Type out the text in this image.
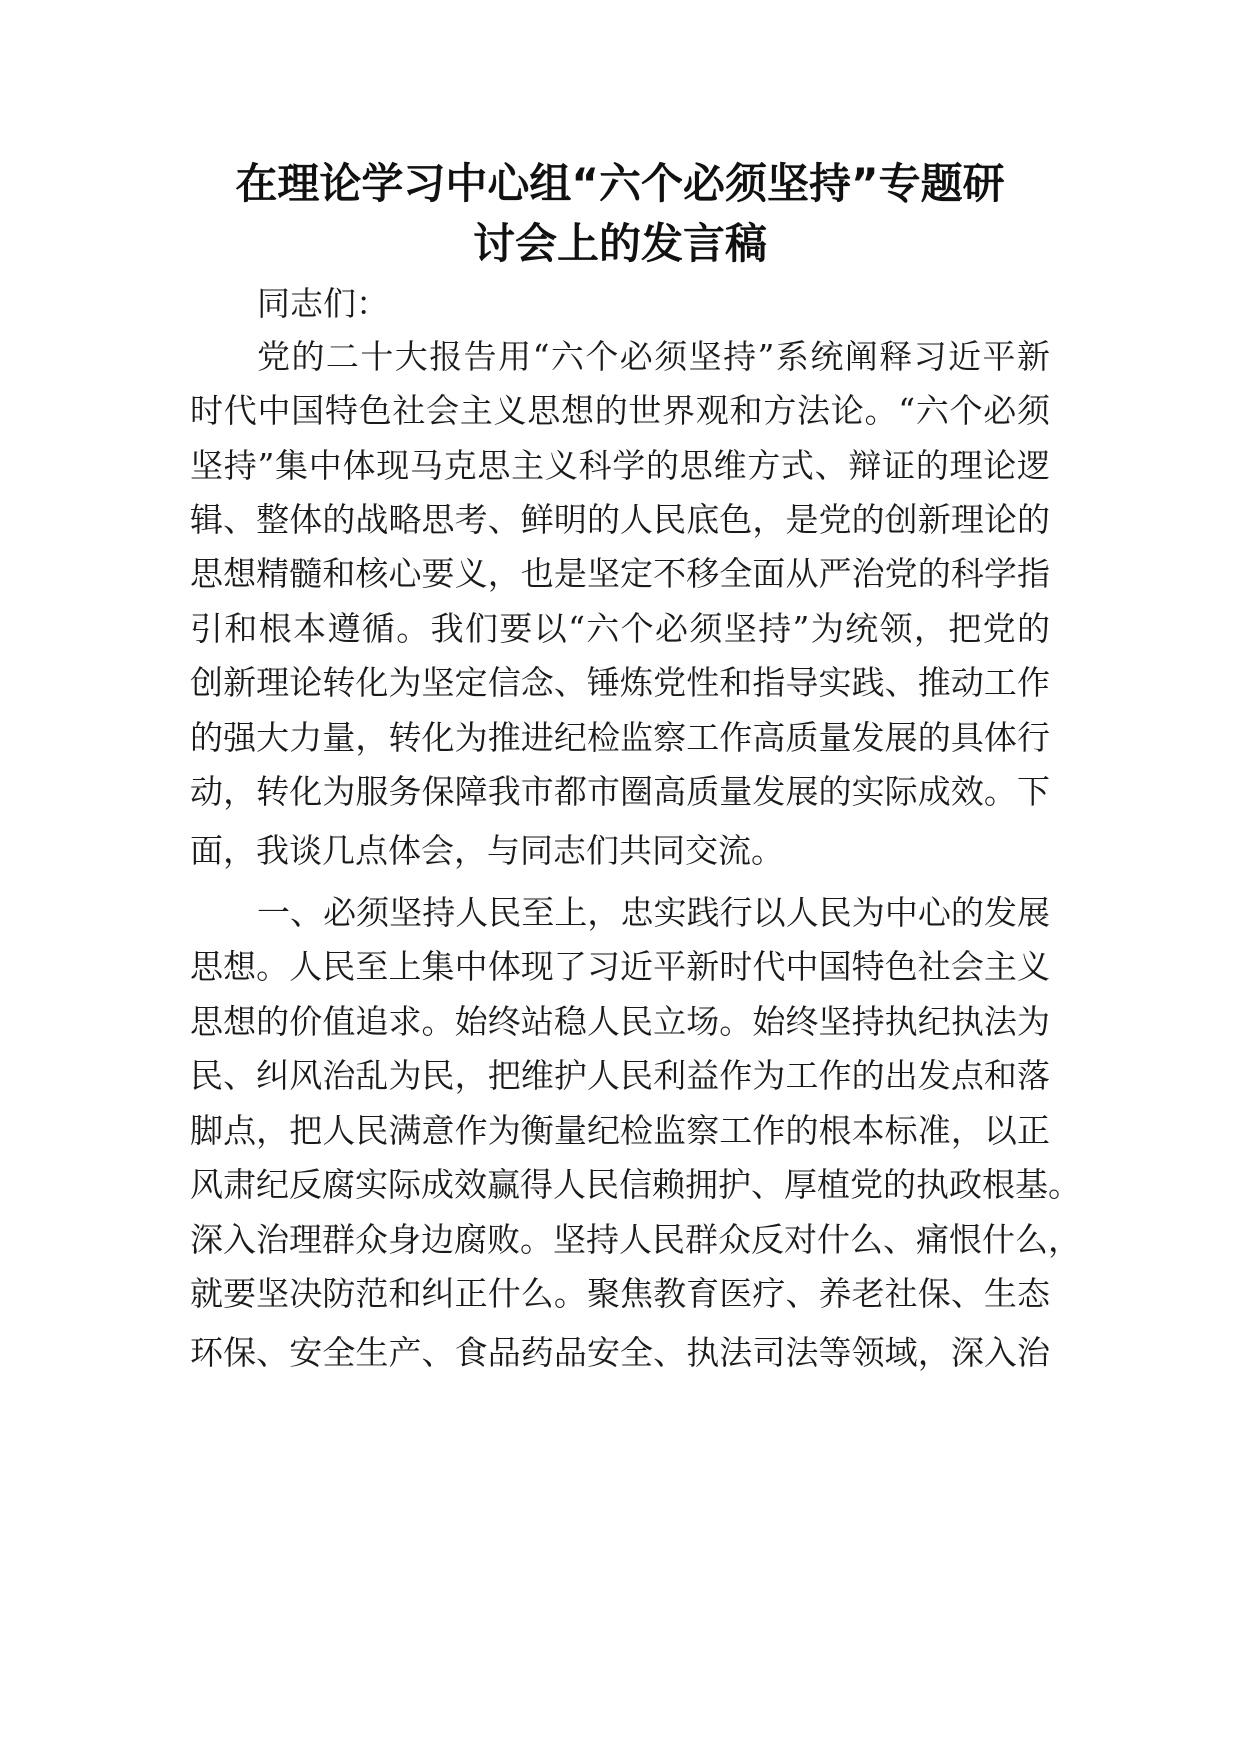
在理论学习中心组“六个必须坚持”专题研
讨会上的发言稿
同志们：
党的二十大报告用“六个必须坚持”系统阐释习近平新
时代中国特色社会主义思想的世界观和方法论。“六个必须
坚持”集中体现马克思主义科学的思维方式、辩证的理论逻
辑、整体的战略思考、鲜明的人民底色，是党的创新理论的
思想精髓和核心要义，也是坚定不移全面从严治党的科学指
引和根本遵循。我们要以“六个必须坚持”为统领，把党的
创新理论转化为坚定信念、锤炼党性和指导实践、推动工作
的强大力量，转化为推进纪检监察工作高质量发展的具体行
动，转化为服务保障我市都市圈高质量发展的实际成效。下
面，我谈几点体会，与同志们共同交流。
一、必须坚持人民至上，忠实践行以人民为中心的发展
思想。人民至上集中体现了习近平新时代中国特色社会主义
思想的价值追求。始终站稳人民立场。始终坚持执纪执法为
民、纠风治乱为民，把维护人民利益作为工作的出发点和落
脚点，把人民满意作为衡量纪检监察工作的根本标准，以正
风肃纪反腐实际成效赢得人民信赖拥护、厚植党的执政根基。
深入治理群众身边腐败。坚持人民群众反对什么、痛恨什么，
就要坚决防范和纠正什么。聚焦教育医疗、养老社保、生态
环保、安全生产、食品药品安全、执法司法等领域，深入治
